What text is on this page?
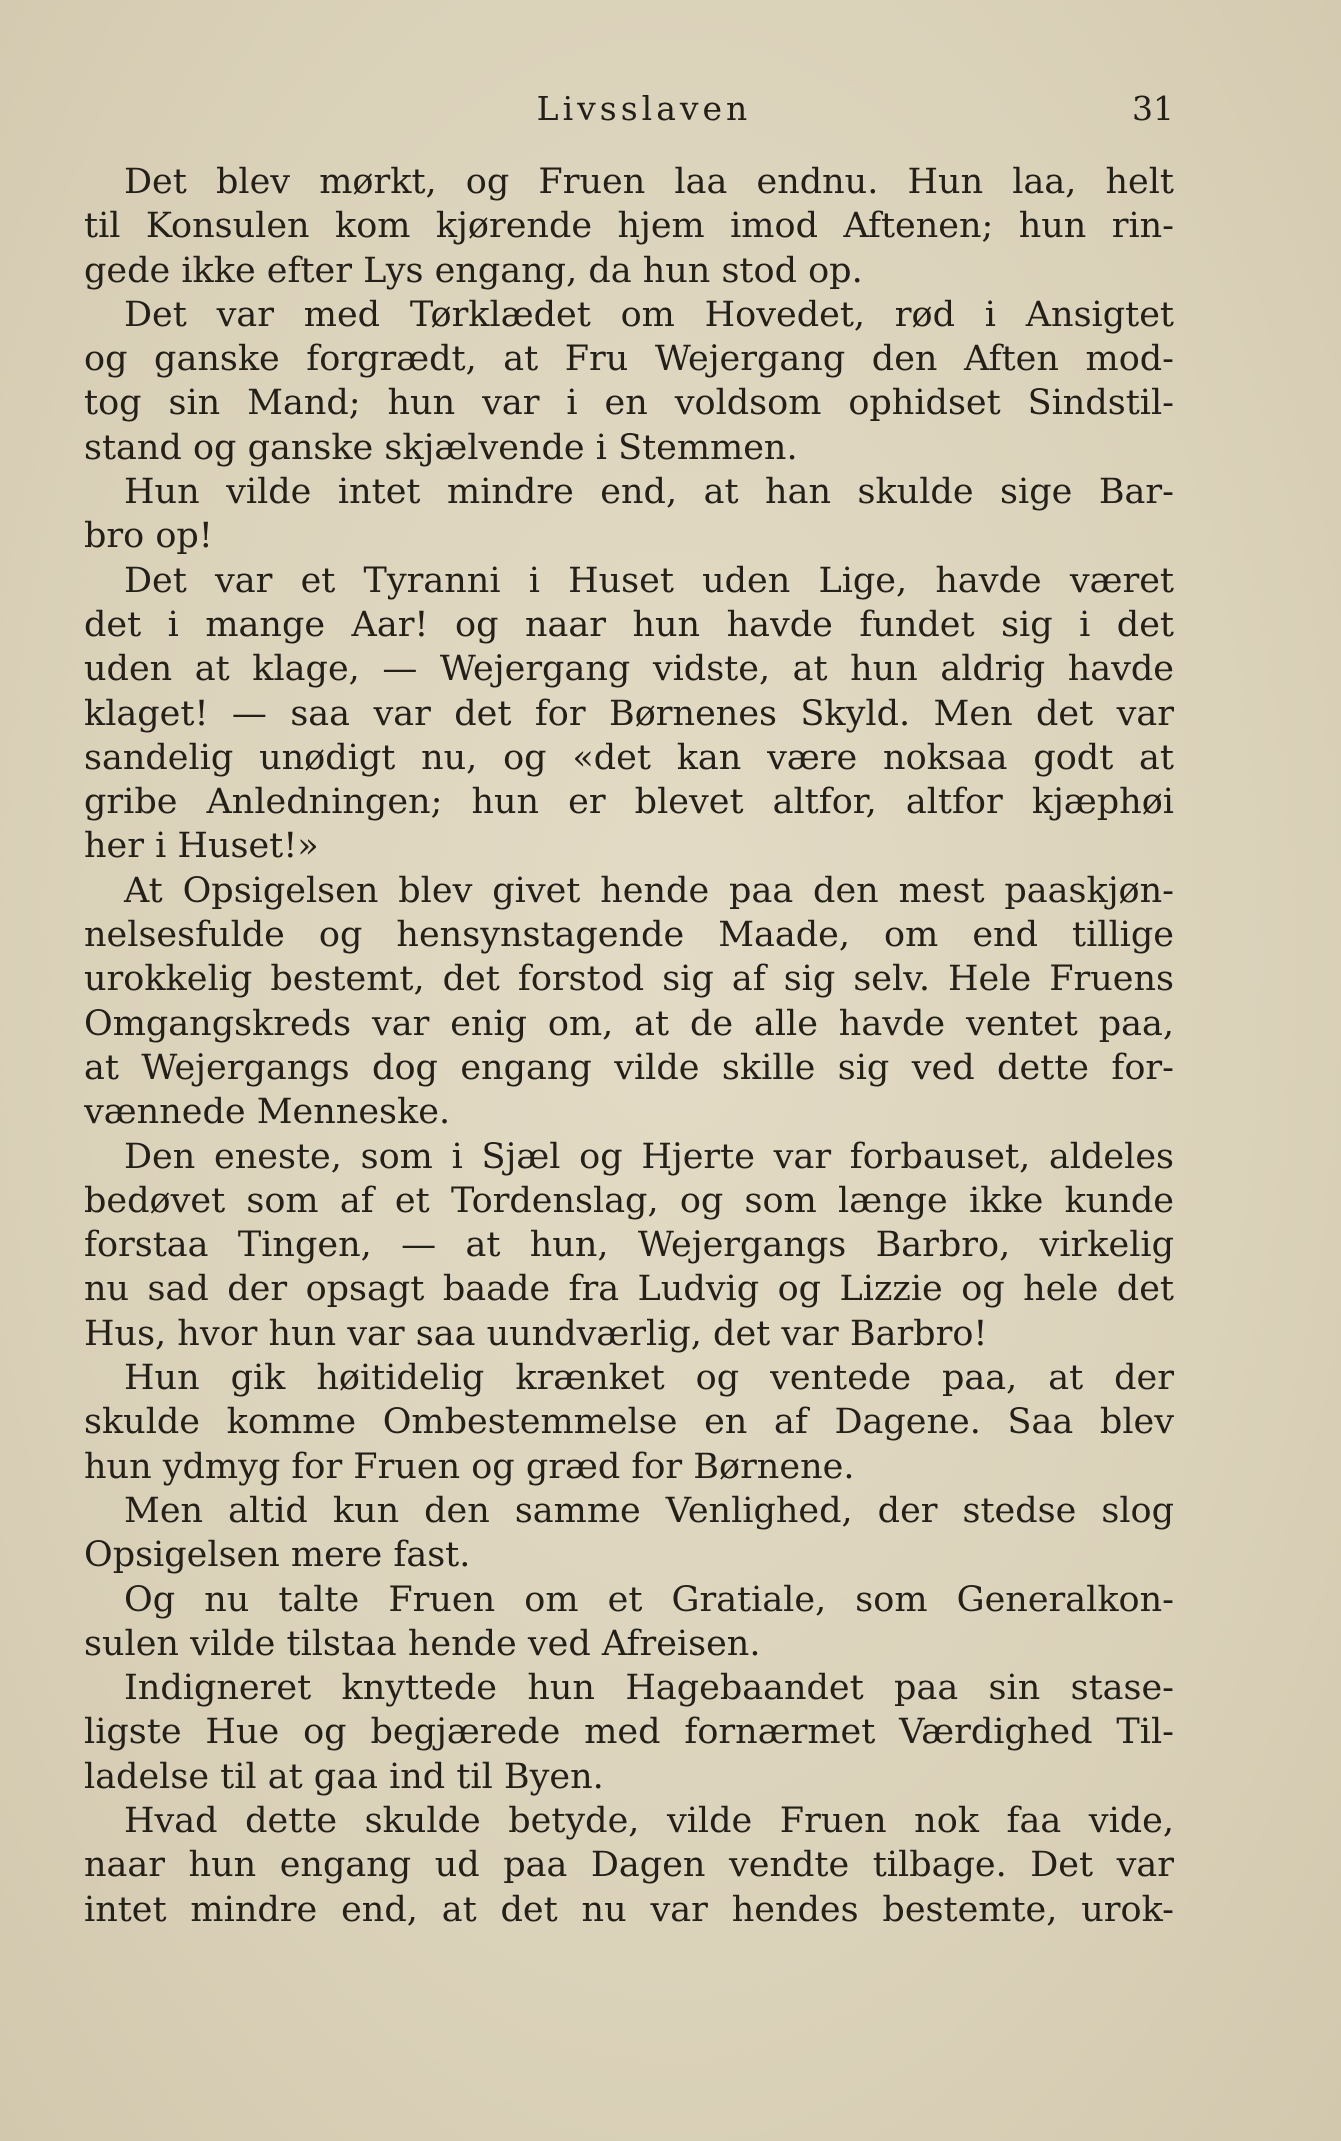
Livsslaven	31

Det blev mørkt, og Fruen laa endnu. Hun laa, helt
til Konsulen kom kjørende hjem imod Aftenen; hun rin-
gede ikke efter Lys engang, da hun stod op.

Det var med Tørklædet om Hovedet, rød i Ansigtet
og ganske forgrædt, at Fru Wejergang den Aften mod-
tog sin Mand; hun var i en voldsom ophidset Sindstil-
stand og ganske skjælvende i Stemmen.

Hun vilde intet mindre end, at han skulde sige Bar-
bro op!

Det var et Tyranni i Huset uden Lige, havde været
det i mange Aar! og naar hun havde fundet sig i det
uden at klage, — Wejergang vidste, at hun aldrig havde
klaget! — saa var det for Børnenes Skyld. Men det var
sandelig unødigt nu, og «det kan være noksaa godt at
gribe Anledningen; hun er blevet altfor, altfor kjæphøi
her i Huset!»

At Opsigelsen blev givet hende paa den mest paaskjøn-
nelsesfulde og hensynstagende Maade, om end tillige
urokkelig bestemt, det forstod sig af sig selv. Hele Fruens
Omgangskreds var enig om, at de alle havde ventet paa,
at Wejergangs dog engang vilde skille sig ved dette for-
vænnede Menneske.

Den eneste, som i Sjæl og Hjerte var forbauset, aldeles
bedøvet som af et Tordenslag, og som længe ikke kunde
forstaa Tingen, — at hun, Wejergangs Barbro, virkelig
nu sad der opsagt baade fra Ludvig og Lizzie og hele det
Hus, hvor hun var saa uundværlig, det var Barbro!

Hun gik høitidelig krænket og ventede paa, at der
skulde komme Ombestemmelse en af Dagene. Saa blev
hun ydmyg for Fruen og græd for Børnene.

Men altid kun den samme Venlighed, der stedse slog
Opsigelsen mere fast.

Og nu talte Fruen om et Gratiale, som Generalkon-
sulen vilde tilstaa hende ved Afreisen.

Indigneret knyttede hun Hagebaandet paa sin stase-
ligste Hue og begjærede med fornærmet Værdighed Til-
ladelse til at gaa ind til Byen.

Hvad dette skulde betyde, vilde Fruen nok faa vide,
naar hun engang ud paa Dagen vendte tilbage. Det var
intet mindre end, at det nu var hendes bestemte, urok-
